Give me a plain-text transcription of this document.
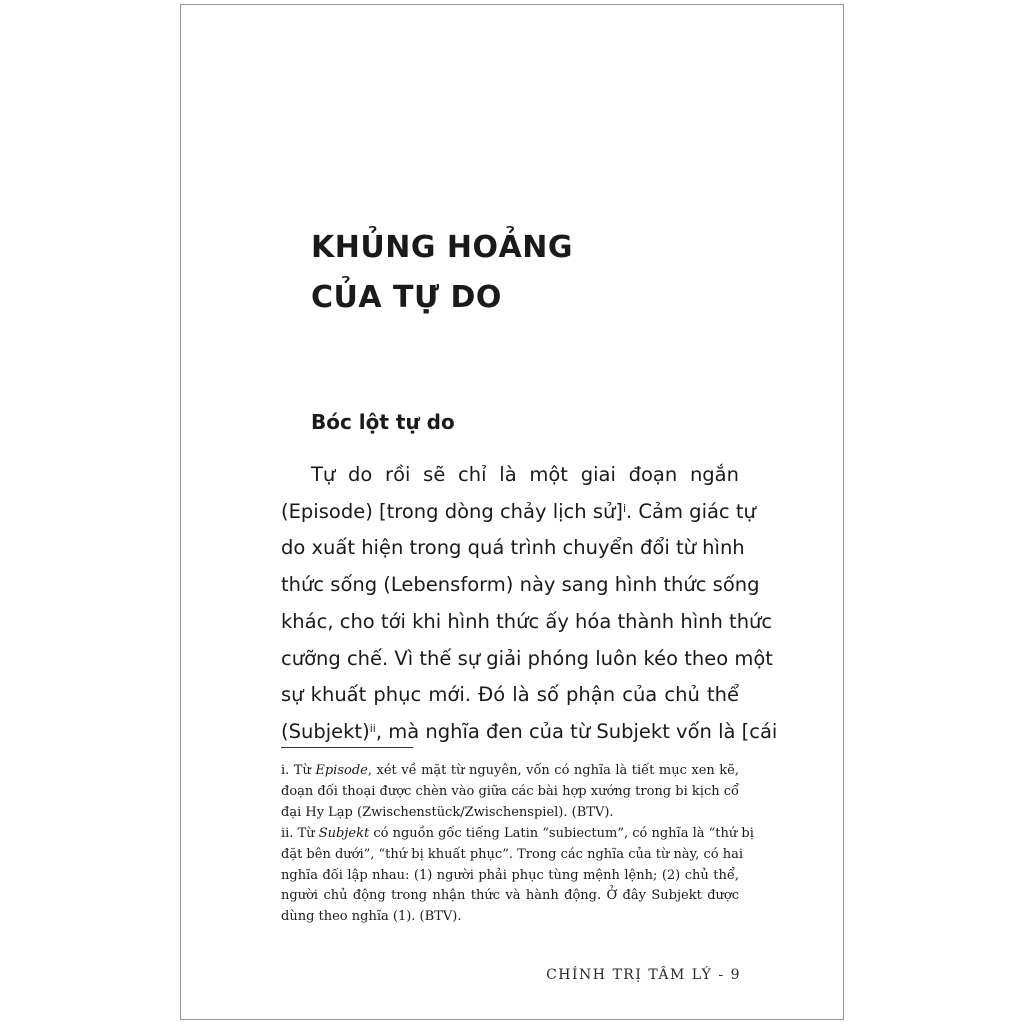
KHỦNG HOẢNG
CỦA TỰ DO
Bóc lột tự do
Tự do rồi sẽ chỉ là một giai đoạn ngắn
(Episode) [trong dòng chảy lịch sử]$^i$. Cảm giác tự
do xuất hiện trong quá trình chuyển đổi từ hình
thức sống (Lebensform) này sang hình thức sống
khác, cho tới khi hình thức ấy hóa thành hình thức
cưỡng chế. Vì thế sự giải phóng luôn kéo theo một
sự khuất phục mới. Đó là số phận của chủ thể
(Subjekt)$^{ii}$, mà nghĩa đen của từ Subjekt vốn là [cái
i. Từ Episode, xét về mặt từ nguyên, vốn có nghĩa là tiết mục xen kẽ,
đoạn đối thoại được chèn vào giữa các bài hợp xướng trong bi kịch cổ
đại Hy Lạp (Zwischenstück/Zwischenspiel). (BTV).
ii. Từ Subjekt có nguồn gốc tiếng Latin “subiectum”, có nghĩa là “thứ bị
đặt bên dưới”, “thứ bị khuất phục”. Trong các nghĩa của từ này, có hai
nghĩa đối lập nhau: (1) người phải phục tùng mệnh lệnh; (2) chủ thể,
người chủ động trong nhận thức và hành động. Ở đây Subjekt được
dùng theo nghĩa (1). (BTV).
CHÍNH TRỊ TÂM LÝ - 9
